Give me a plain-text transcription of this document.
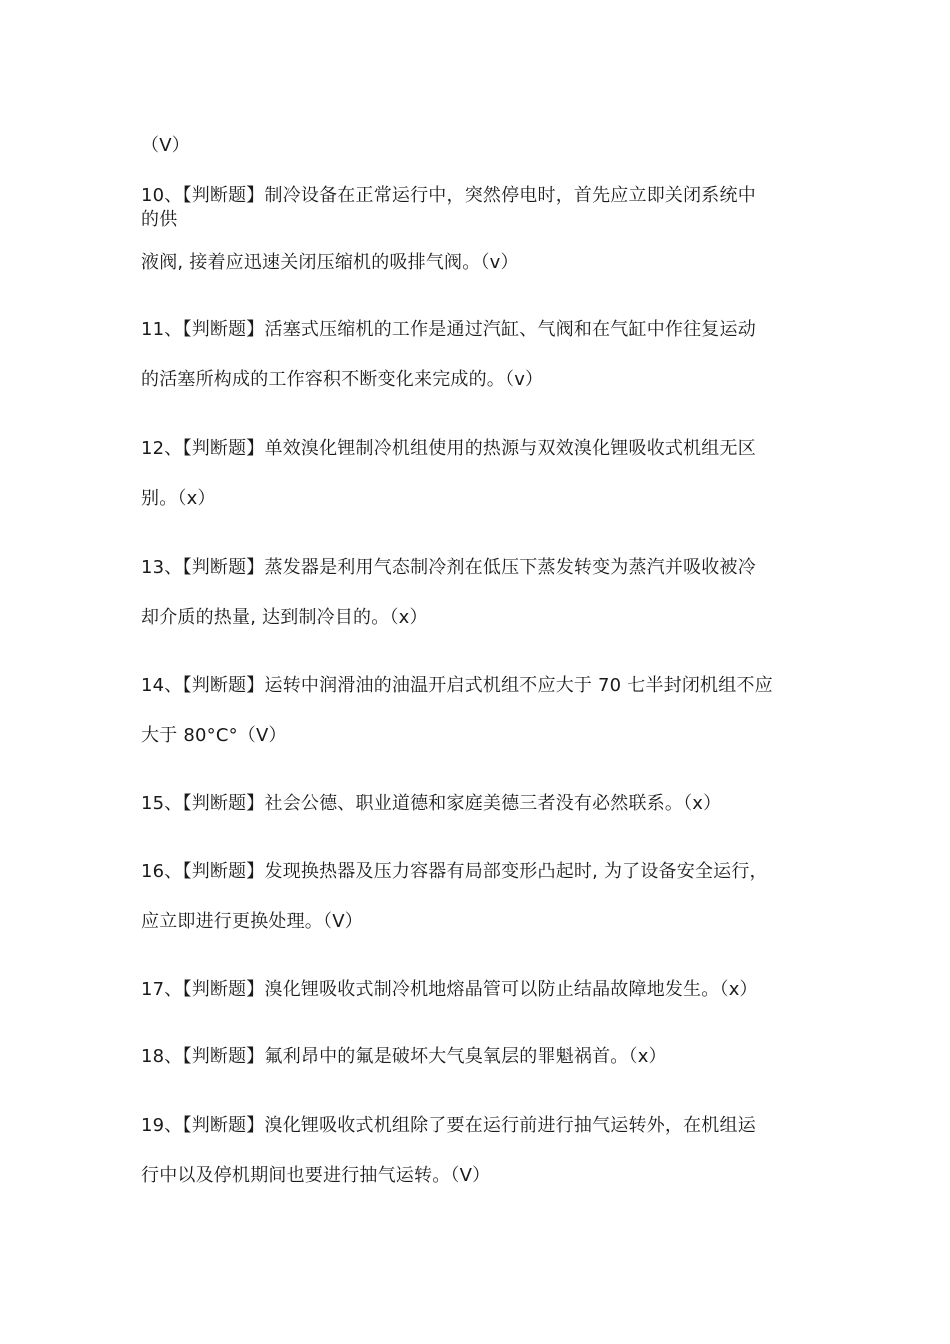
（V）
10、【判断题】制冷设备在正常运行中，突然停电时，首先应立即关闭系统中
的供
液阀, 接着应迅速关闭压缩机的吸排气阀。（v）
11、【判断题】活塞式压缩机的工作是通过汽缸、气阀和在气缸中作往复运动
的活塞所构成的工作容积不断变化来完成的。（v）
12、【判断题】单效溴化锂制冷机组使用的热源与双效溴化锂吸收式机组无区
别。（x）
13、【判断题】蒸发器是利用气态制冷剂在低压下蒸发转变为蒸汽并吸收被冷
却介质的热量, 达到制冷目的。（x）
14、【判断题】运转中润滑油的油温开启式机组不应大于 70 七半封闭机组不应
大于 80°C°（V）
15、【判断题】社会公德、职业道德和家庭美德三者没有必然联系。（x）
16、【判断题】发现换热器及压力容器有局部变形凸起时, 为了设备安全运行，
应立即进行更换处理。（V）
17、【判断题】溴化锂吸收式制冷机地熔晶管可以防止结晶故障地发生。（x）
18、【判断题】氟利昂中的氟是破坏大气臭氧层的罪魁祸首。（x）
19、【判断题】溴化锂吸收式机组除了要在运行前进行抽气运转外，在机组运
行中以及停机期间也要进行抽气运转。（V）
